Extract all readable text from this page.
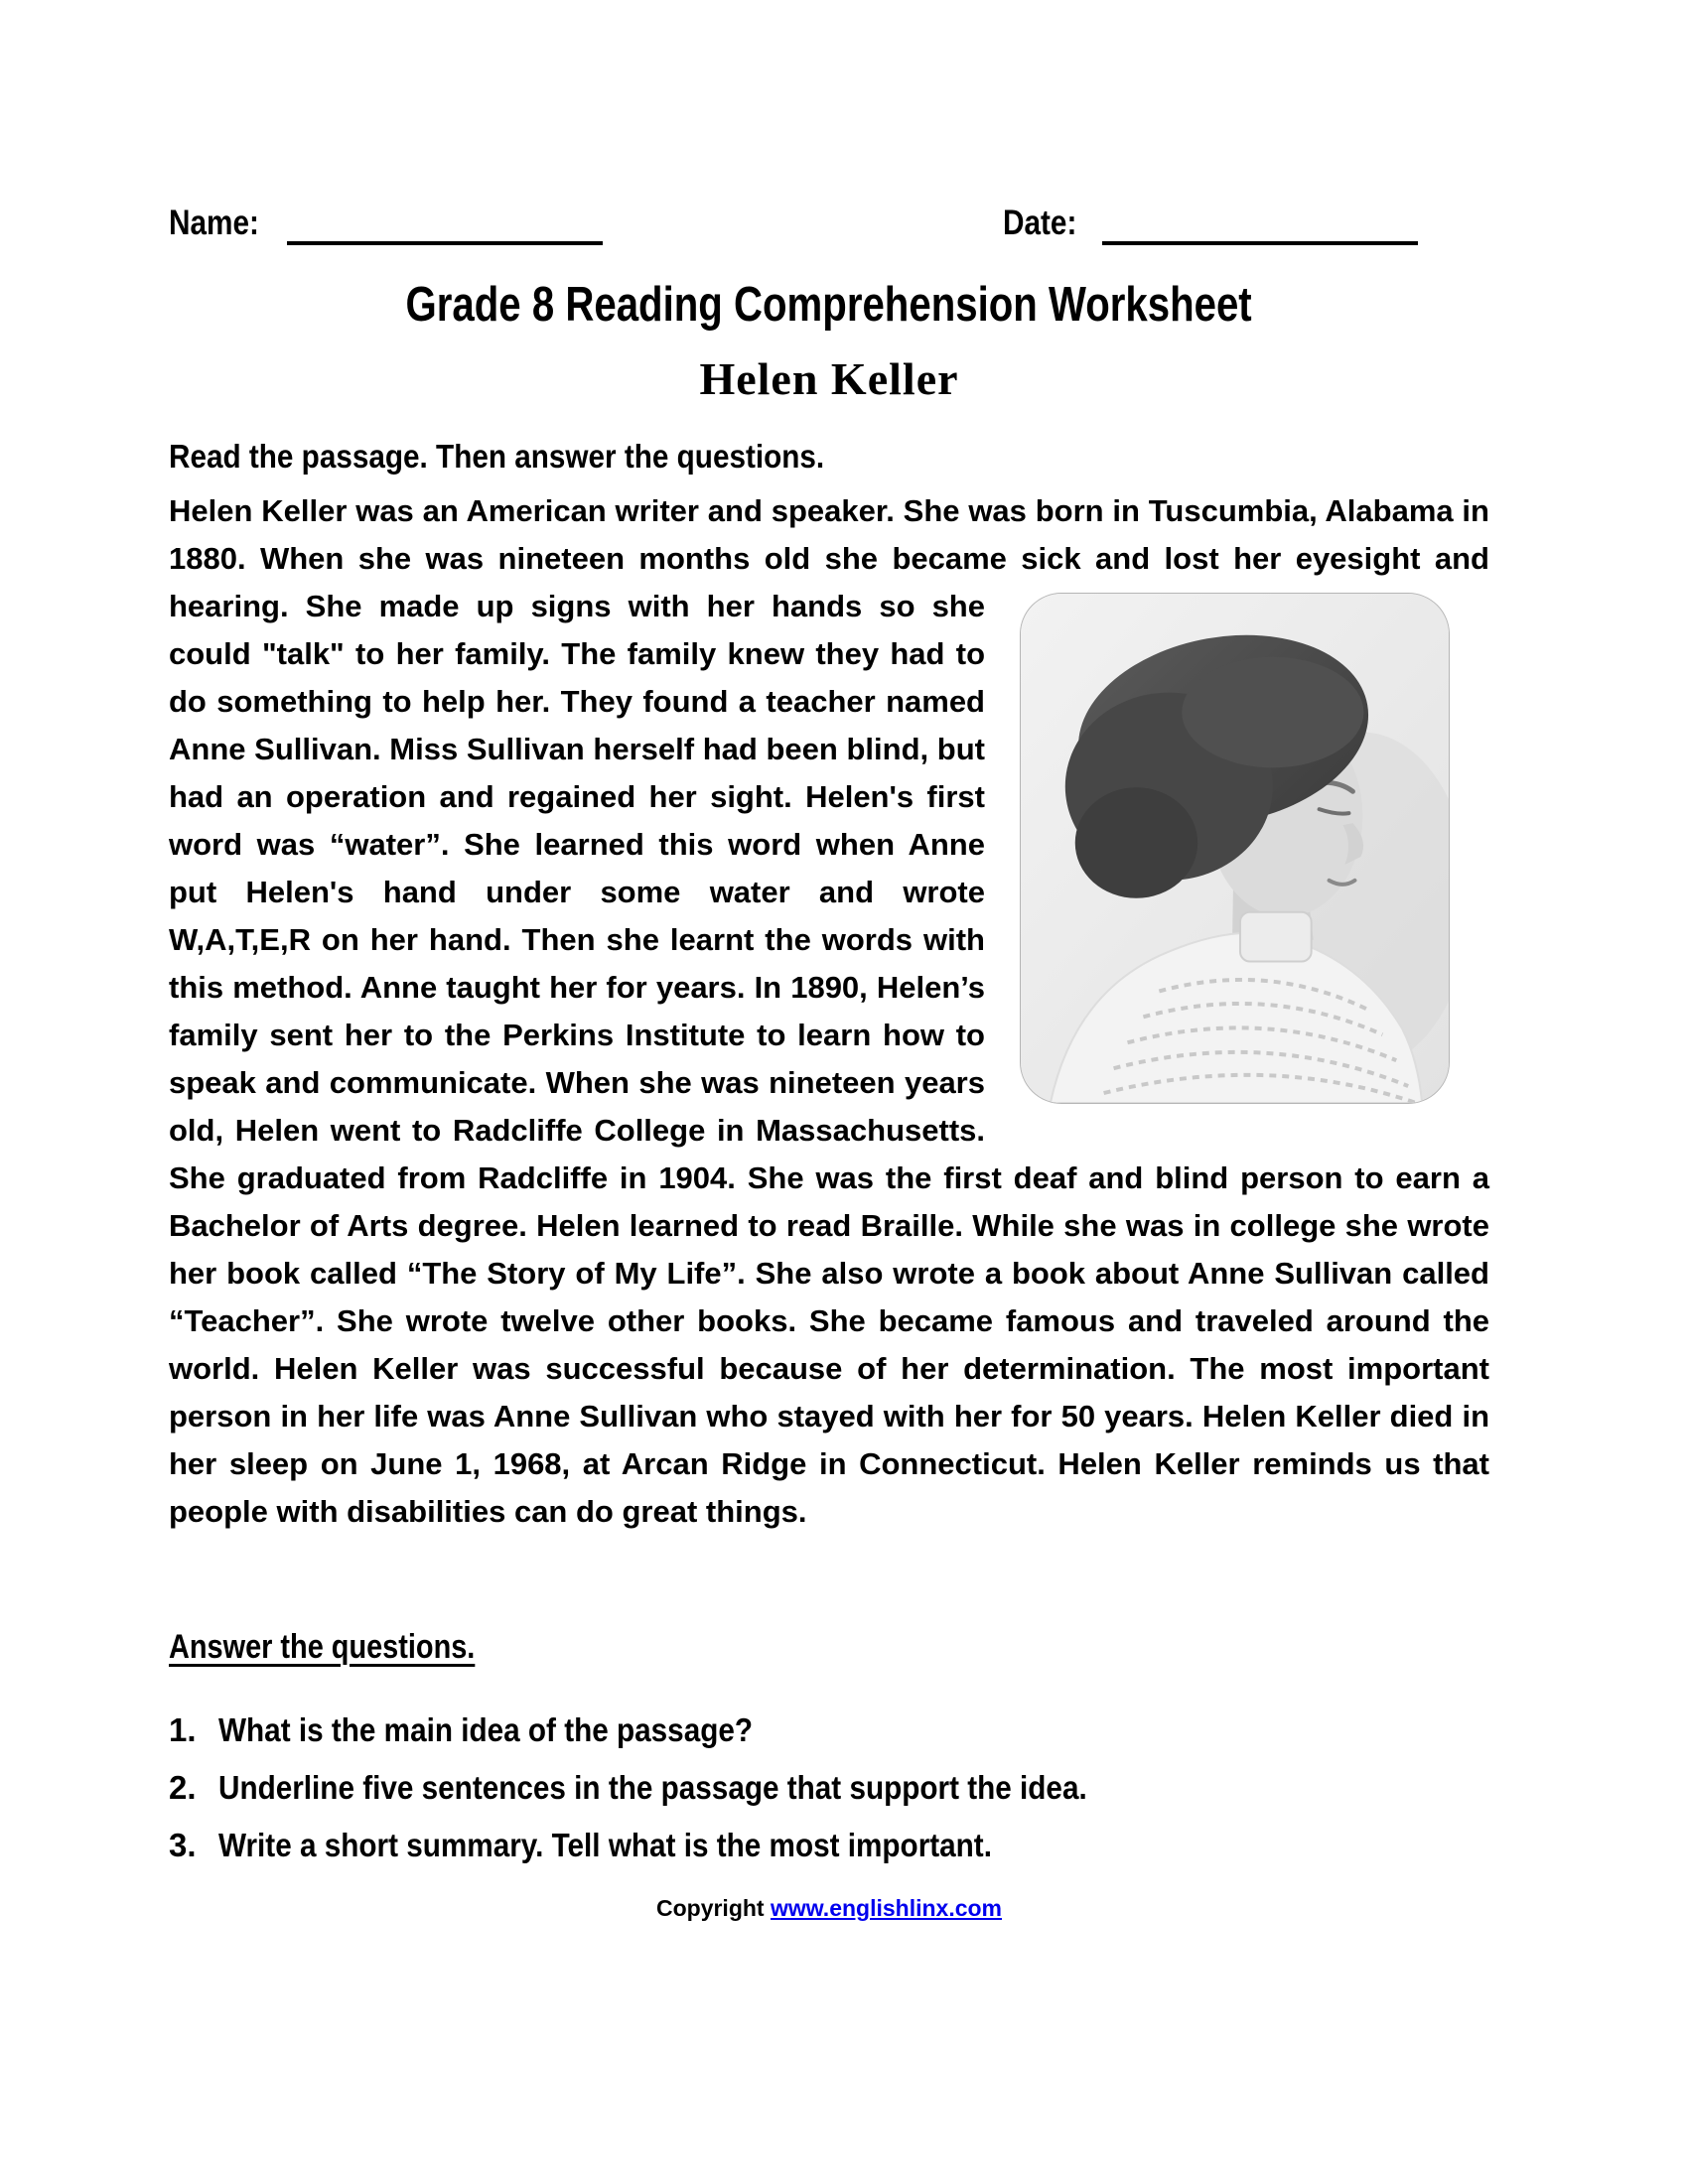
Name:	Date:
Grade 8 Reading Comprehension Worksheet
Helen Keller
Read the passage. Then answer the questions.
Helen Keller was an American writer and speaker. She was born in Tuscumbia, Alabama in 1880. When she was nineteen months old she became sick and lost
her eyesight and hearing. She made up signs with her hands so she could "talk" to her family. The family knew they had to do something to help her. They found a teacher named Anne Sullivan. Miss Sullivan herself had been blind, but had an operation and regained her sight. Helen's first word was “water”. She learned this word when Anne put Helen's hand under some water and wrote W,A,T,E,R on her hand. Then she learnt the words with this method. Anne taught her for years. In 1890, Helen’s family sent her to the Perkins Institute to learn how to speak and communicate. When she was nineteen years old, Helen went to Radcliffe College in Massachusetts. She graduated from Radcliffe in 1904. She was the first deaf and blind person to earn a Bachelor of Arts degree. Helen learned to read Braille. While she was in college she wrote her book called “The Story of My Life”. She also wrote a book about Anne Sullivan called “Teacher”. She wrote twelve other books. She became famous and traveled around the world. Helen Keller was successful because of her determination. The most important person in her life was Anne Sullivan who stayed with her for 50 years. Helen Keller died in her sleep on June 1, 1968, at Arcan Ridge in Connecticut. Helen Keller reminds us that people with disabilities can do great things.
Answer the questions.
1. What is the main idea of the passage?
2. Underline five sentences in the passage that support the idea.
3. Write a short summary. Tell what is the most important.
Copyright www.englishlinx.com
